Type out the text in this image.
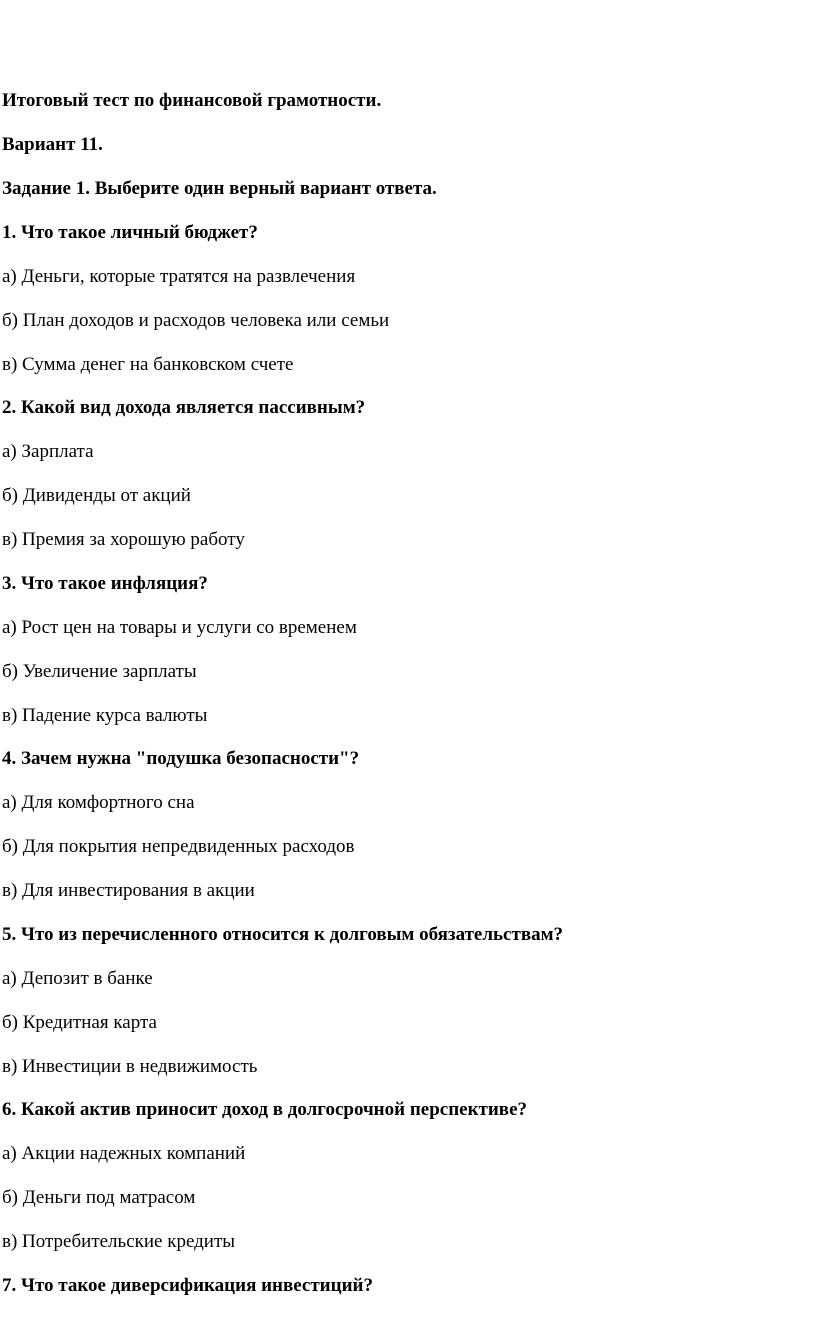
Итоговый тест по финансовой грамотности.
Вариант 11.
Задание 1. Выберите один верный вариант ответа.
1. Что такое личный бюджет?
а) Деньги, которые тратятся на развлечения
б) План доходов и расходов человека или семьи
в) Сумма денег на банковском счете
2. Какой вид дохода является пассивным?
а) Зарплата
б) Дивиденды от акций
в) Премия за хорошую работу
3. Что такое инфляция?
а) Рост цен на товары и услуги со временем
б) Увеличение зарплаты
в) Падение курса валюты
4. Зачем нужна "подушка безопасности"?
а) Для комфортного сна
б) Для покрытия непредвиденных расходов
в) Для инвестирования в акции
5. Что из перечисленного относится к долговым обязательствам?
а) Депозит в банке
б) Кредитная карта
в) Инвестиции в недвижимость
6. Какой актив приносит доход в долгосрочной перспективе?
а) Акции надежных компаний
б) Деньги под матрасом
в) Потребительские кредиты
7. Что такое диверсификация инвестиций?
